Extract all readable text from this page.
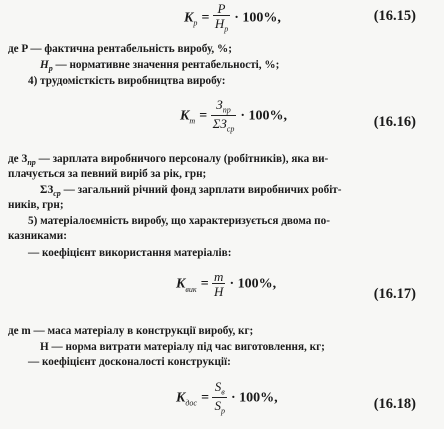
$K_р = \frac{P}{H_р} \cdot 100\%$,	(16.15)
де P — фактична рентабельність виробу, %;
$H_р$ — нормативне значення рентабельності, %;
4) трудомісткість виробництва виробу:
$K_т = \frac{З_{пр}}{\Sigma З_{ср}} \cdot 100\%$,	(16.16)
де $З_{пр}$ — зарплата виробничого персоналу (робітників), яка ви-
плачується за певний виріб за рік, грн;
$\Sigma З_{ср}$ — загальний річний фонд зарплати виробничих робіт-
ників, грн;
5) матеріалоємність виробу, що характеризується двома по-
казниками:
— коефіцієнт використання матеріалів:
$K_{вик} = \frac{m}{H} \cdot 100\%$,
(16.17)
де m — маса матеріалу в конструкції виробу, кг;
H — норма витрати матеріалу під час виготовлення, кг;
— коефіцієнт досконалості конструкції:
$K_{дос} = \frac{S_в}{S_р} \cdot 100\%$,	(16.18)
